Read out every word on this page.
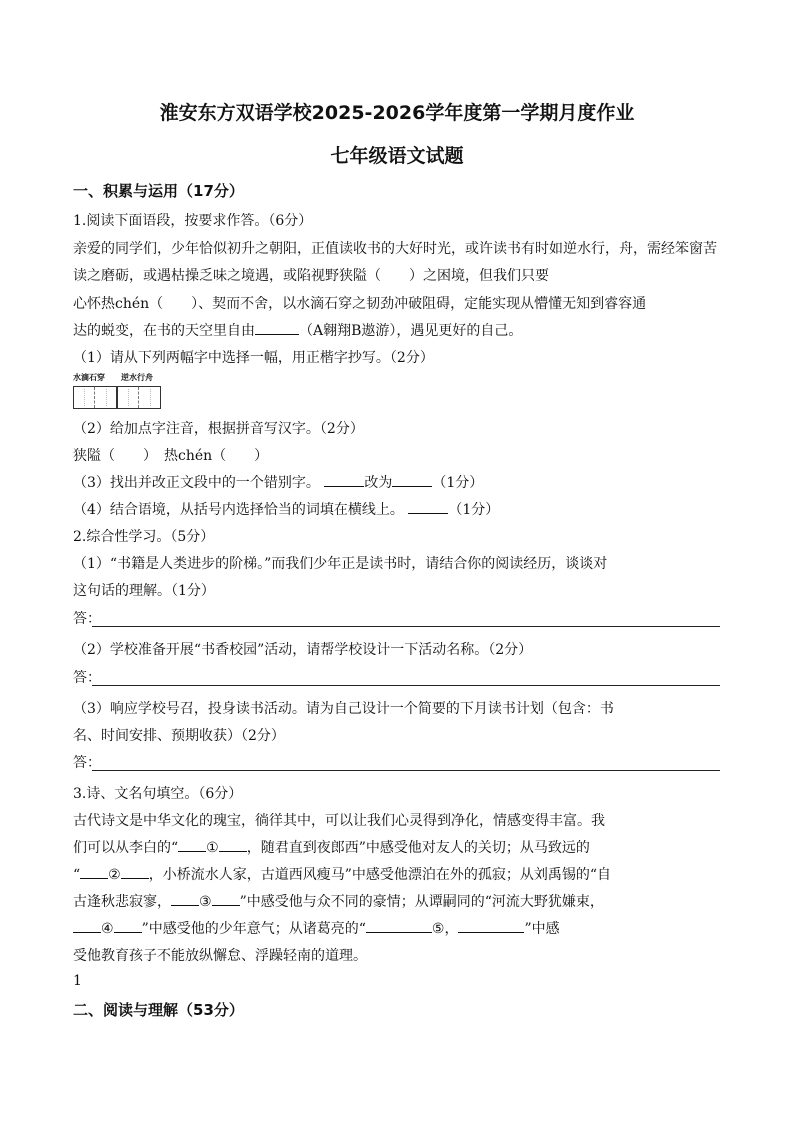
淮安东方双语学校2025-2026学年度第一学期月度作业
七年级语文试题
一、积累与运用（17分）
1.阅读下面语段，按要求作答。（6分）
亲爱的同学们，少年恰似初升之朝阳，正值读收书的大好时光，或许读书有时如逆水行，舟，需经笨窗苦
读之磨砺，或遇枯操乏味之境遇，或陷视野狭隘（　　）之困境，但我们只要
心怀热chén（　　）、契而不舍，以水滴石穿之韧劲冲破阻碍，定能实现从懵懂无知到睿容通
达的蜕变，在书的天空里自由	（A翱翔B遨游），遇见更好的自己。
（1）请从下列两幅字中选择一幅，用正楷字抄写。（2分）
水滴石穿 逆水行舟
（2）给加点字注音，根据拼音写汉字。（2分）
狭隘（　　）　热chén（　　）
（3）找出并改正文段中的一个错别字。	改为	（1分）
（4）结合语境，从括号内选择恰当的词填在横线上。	（1分）
2.综合性学习。（5分）
（1）“书籍是人类进步的阶梯。”而我们少年正是读书时，请结合你的阅读经历，谈谈对
这句话的理解。（1分）
答：
（2）学校准备开展“书香校园”活动，请帮学校设计一下活动名称。（2分）
答：
（3）响应学校号召，投身读书活动。请为自己设计一个简要的下月读书计划（包含：书
名、时间安排、预期收获）（2分）
答：
3.诗、文名句填空。（6分）
古代诗文是中华文化的瑰宝，徜徉其中，可以让我们心灵得到净化，情感变得丰富。我
们可以从李白的“ ① ，随君直到夜郎西”中感受他对友人的关切；从马致远的
“ ② ，小桥流水人家，古道西风瘦马”中感受他漂泊在外的孤寂；从刘禹锡的“自
古逢秋悲寂寥， ③ ”中感受他与众不同的豪情；从谭嗣同的“河流大野犹嫌束，
④ ”中感受他的少年意气；从诸葛亮的“	⑤，	”中感
受他教育孩子不能放纵懈怠、浮躁轻南的道理。
1
二、阅读与理解（53分）
